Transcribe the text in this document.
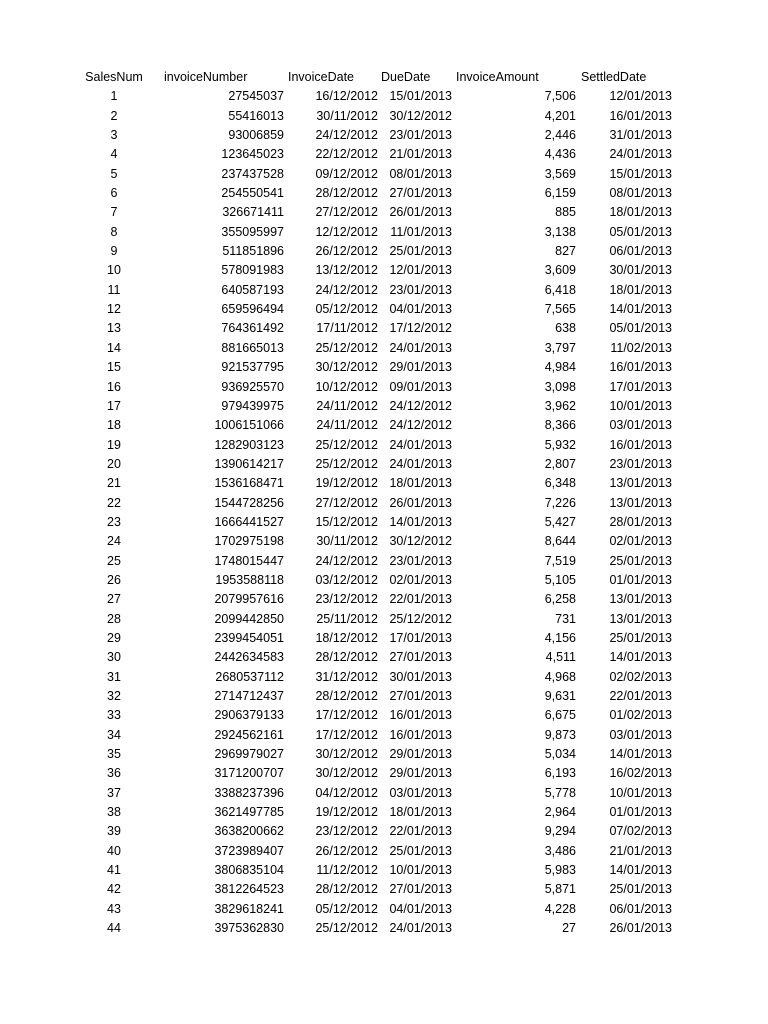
SalesNum	invoiceNumber	InvoiceDate	DueDate	InvoiceAmount	SettledDate
1	27545037	16/12/2012	15/01/2013	7,506	12/01/2013
2	55416013	30/11/2012	30/12/2012	4,201	16/01/2013
3	93006859	24/12/2012	23/01/2013	2,446	31/01/2013
4	123645023	22/12/2012	21/01/2013	4,436	24/01/2013
5	237437528	09/12/2012	08/01/2013	3,569	15/01/2013
6	254550541	28/12/2012	27/01/2013	6,159	08/01/2013
7	326671411	27/12/2012	26/01/2013	885	18/01/2013
8	355095997	12/12/2012	11/01/2013	3,138	05/01/2013
9	511851896	26/12/2012	25/01/2013	827	06/01/2013
10	578091983	13/12/2012	12/01/2013	3,609	30/01/2013
11	640587193	24/12/2012	23/01/2013	6,418	18/01/2013
12	659596494	05/12/2012	04/01/2013	7,565	14/01/2013
13	764361492	17/11/2012	17/12/2012	638	05/01/2013
14	881665013	25/12/2012	24/01/2013	3,797	11/02/2013
15	921537795	30/12/2012	29/01/2013	4,984	16/01/2013
16	936925570	10/12/2012	09/01/2013	3,098	17/01/2013
17	979439975	24/11/2012	24/12/2012	3,962	10/01/2013
18	1006151066	24/11/2012	24/12/2012	8,366	03/01/2013
19	1282903123	25/12/2012	24/01/2013	5,932	16/01/2013
20	1390614217	25/12/2012	24/01/2013	2,807	23/01/2013
21	1536168471	19/12/2012	18/01/2013	6,348	13/01/2013
22	1544728256	27/12/2012	26/01/2013	7,226	13/01/2013
23	1666441527	15/12/2012	14/01/2013	5,427	28/01/2013
24	1702975198	30/11/2012	30/12/2012	8,644	02/01/2013
25	1748015447	24/12/2012	23/01/2013	7,519	25/01/2013
26	1953588118	03/12/2012	02/01/2013	5,105	01/01/2013
27	2079957616	23/12/2012	22/01/2013	6,258	13/01/2013
28	2099442850	25/11/2012	25/12/2012	731	13/01/2013
29	2399454051	18/12/2012	17/01/2013	4,156	25/01/2013
30	2442634583	28/12/2012	27/01/2013	4,511	14/01/2013
31	2680537112	31/12/2012	30/01/2013	4,968	02/02/2013
32	2714712437	28/12/2012	27/01/2013	9,631	22/01/2013
33	2906379133	17/12/2012	16/01/2013	6,675	01/02/2013
34	2924562161	17/12/2012	16/01/2013	9,873	03/01/2013
35	2969979027	30/12/2012	29/01/2013	5,034	14/01/2013
36	3171200707	30/12/2012	29/01/2013	6,193	16/02/2013
37	3388237396	04/12/2012	03/01/2013	5,778	10/01/2013
38	3621497785	19/12/2012	18/01/2013	2,964	01/01/2013
39	3638200662	23/12/2012	22/01/2013	9,294	07/02/2013
40	3723989407	26/12/2012	25/01/2013	3,486	21/01/2013
41	3806835104	11/12/2012	10/01/2013	5,983	14/01/2013
42	3812264523	28/12/2012	27/01/2013	5,871	25/01/2013
43	3829618241	05/12/2012	04/01/2013	4,228	06/01/2013
44	3975362830	25/12/2012	24/01/2013	27	26/01/2013
